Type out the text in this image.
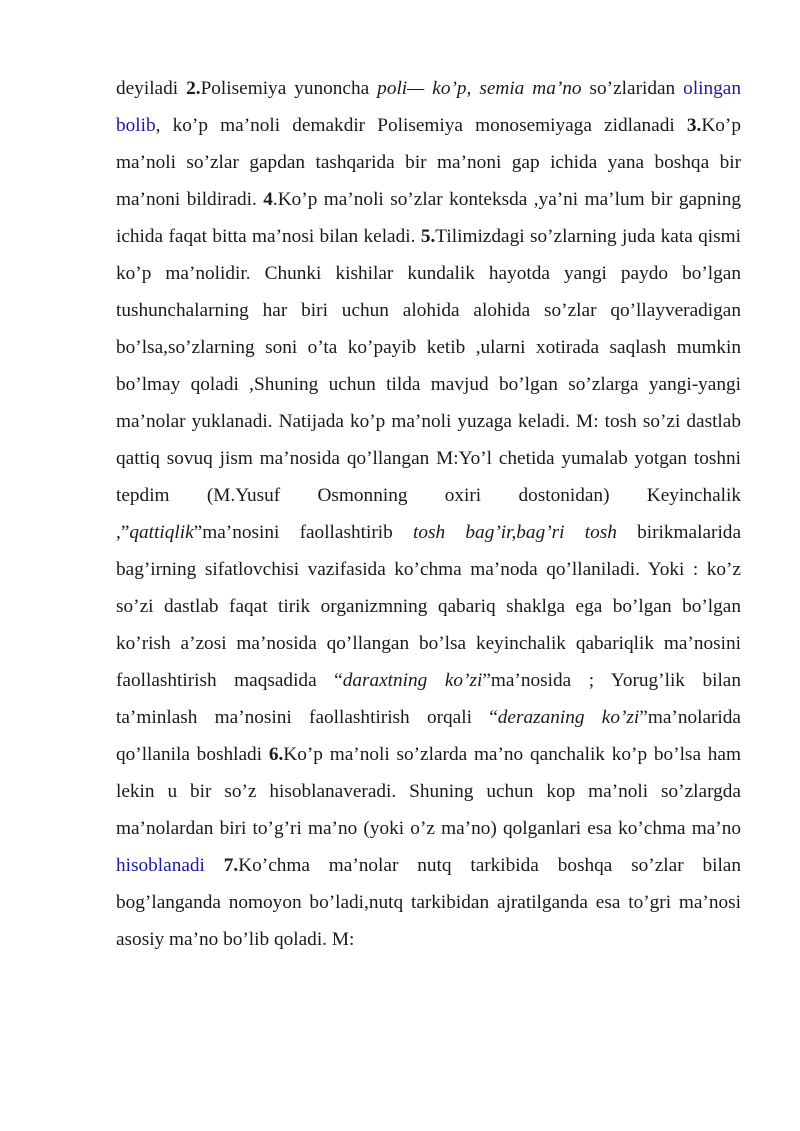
deyiladi 2.Polisemiya yunoncha poli— ko’p, semia ma’no so’zlaridan olingan bolib, ko’p ma’noli demakdir Polisemiya monosemiyaga zidlanadi 3.Ko’p ma’noli so’zlar gapdan tashqarida bir ma’noni gap ichida yana boshqa bir ma’noni bildiradi. 4.Ko’p ma’noli so’zlar konteksda ,ya’ni ma’lum bir gapning ichida faqat bitta ma’nosi bilan keladi. 5.Tilimizdagi so’zlarning juda kata qismi ko’p ma’nolidir. Chunki kishilar kundalik hayotda yangi paydo bo’lgan tushunchalarning har biri uchun alohida alohida so’zlar qo’llayveradigan bo’lsa,so’zlarning soni o’ta ko’payib ketib ,ularni xotirada saqlash mumkin bo’lmay qoladi ,Shuning uchun tilda mavjud bo’lgan so’zlarga yangi-yangi ma’nolar yuklanadi. Natijada ko’p ma’noli yuzaga keladi. M: tosh so’zi dastlab qattiq sovuq jism ma’nosida qo’llangan M:Yo’l chetida yumalab yotgan toshni tepdim (M.Yusuf Osmonning oxiri dostonidan) Keyinchalik ,”qattiqlik”ma’nosini faollashtirib tosh bag’ir,bag’ri tosh birikmalarida bag’irning sifatlovchisi vazifasida ko’chma ma’noda qo’llaniladi. Yoki : ko’z so’zi dastlab faqat tirik organizmning qabariq shaklga ega bo’lgan bo’lgan ko’rish a’zosi ma’nosida qo’llangan bo’lsa keyinchalik qabariqlik ma’nosini faollashtirish maqsadida “daraxtning ko’zi”ma’nosida ; Yorug’lik bilan ta’minlash ma’nosini faollashtirish orqali “derazaning ko’zi”ma’nolarida qo’llanila boshladi 6.Ko’p ma’noli so’zlarda ma’no qanchalik ko’p bo’lsa ham lekin u bir so’z hisoblanaveradi. Shuning uchun kop ma’noli so’zlargda ma’nolardan biri to’g’ri ma’no (yoki o’z ma’no) qolganlari esa ko’chma ma’no hisoblanadi 7.Ko’chma ma’nolar nutq tarkibida boshqa so’zlar bilan bog’langanda nomoyon bo’ladi,nutq tarkibidan ajratilganda esa to’gri ma’nosi asosiy ma’no bo’lib qoladi. M:
